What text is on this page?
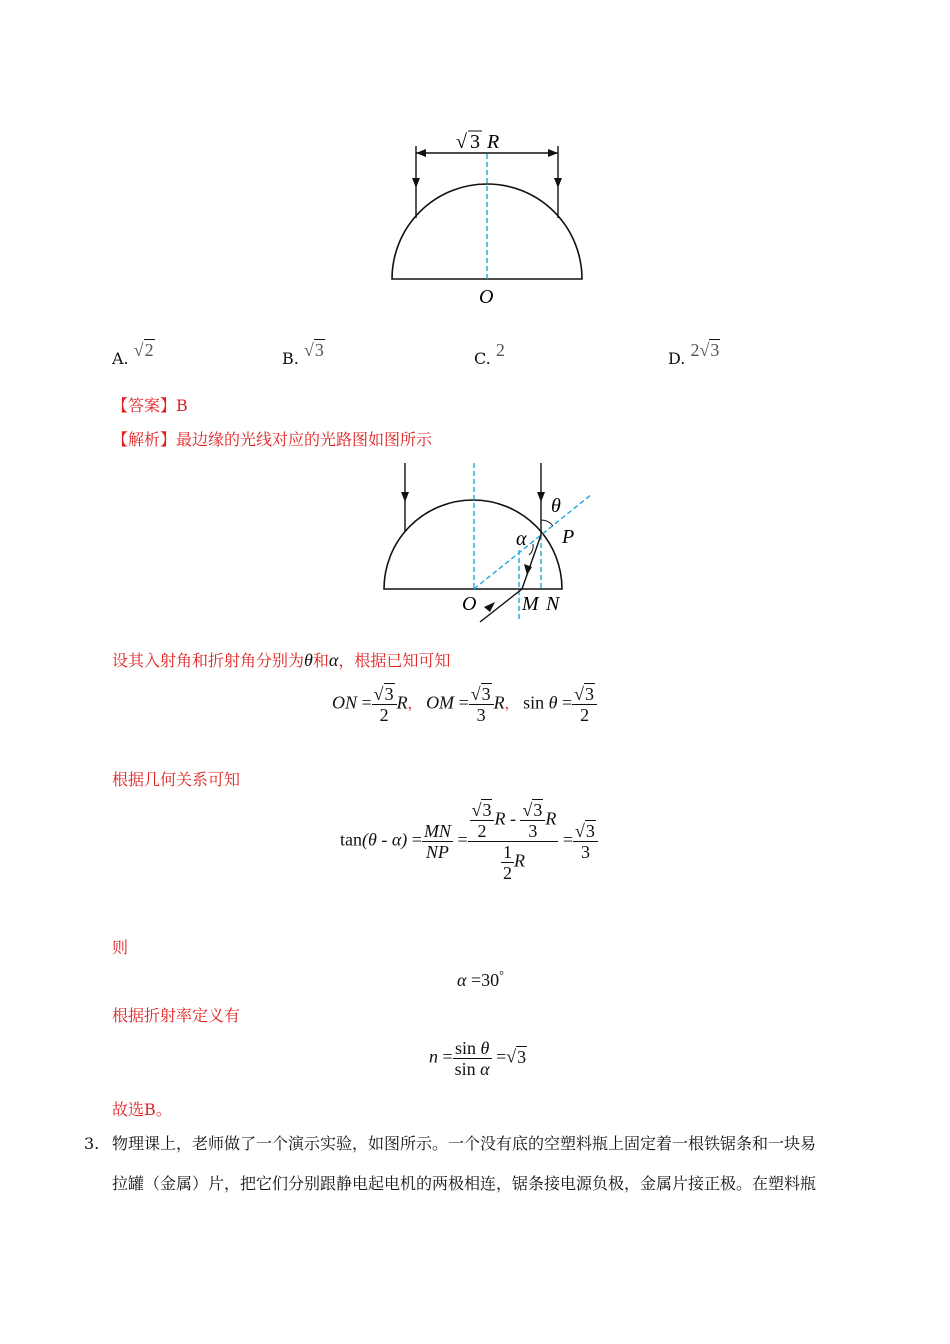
√ 3 R
O
A. √2	B. √3	C. 2	D. 2√3
【答案】B
【解析】最边缘的光线对应的光路图如图所示
θ
α P
O M N
设其入射角和折射角分别为θ和α，根据已知可知
ON = $\frac{√3}{2}$ R， OM = $\frac{√3}{3}$ R， $\sin \theta = \frac{√3}{2}$
根据几何关系可知
$\tan(\theta - \alpha) = \frac{MN}{NP} = \frac{\frac{√3}{2} R - \frac{√3}{3} R}{\frac{1}{2} R} = \frac{√3}{3}$
则
α =30°
根据折射率定义有
$n = \frac{\text{sin θ}}{\text{sin α}} =√3$
故选B。
3. 物理课上，老师做了一个演示实验，如图所示。一个没有底的空塑料瓶上固定着一根铁锯条和一块易
拉罐（金属）片，把它们分别跟静电起电机的两极相连，锯条接电源负极，金属片接正极。在塑料瓶
